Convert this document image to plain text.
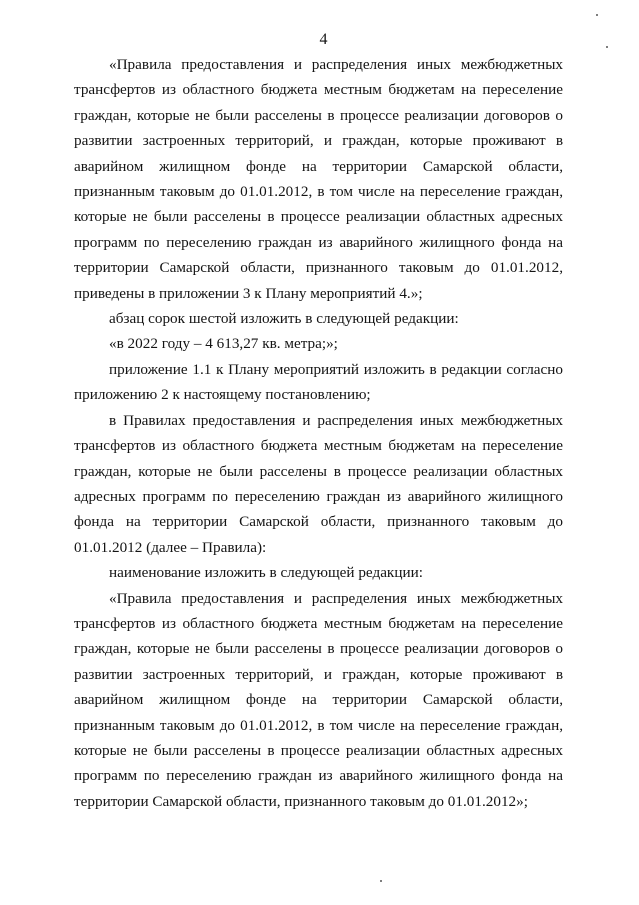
4

«Правила предоставления и распределения иных межбюджетных трансфертов из областного бюджета местным бюджетам на переселение граждан, которые не были расселены в процессе реализации договоров о развитии застроенных территорий, и граждан, которые проживают в аварийном жилищном фонде на территории Самарской области, признанным таковым до 01.01.2012, в том числе на переселение граждан, которые не были расселены в процессе реализации областных адресных программ по переселению граждан из аварийного жилищного фонда на территории Самарской области, признанного таковым до 01.01.2012, приведены в приложении 3 к Плану мероприятий 4.»;

абзац сорок шестой изложить в следующей редакции:

«в 2022 году – 4 613,27 кв. метра;»;

приложение 1.1 к Плану мероприятий изложить в редакции согласно приложению 2 к настоящему постановлению;

в Правилах предоставления и распределения иных межбюджетных трансфертов из областного бюджета местным бюджетам на переселение граждан, которые не были расселены в процессе реализации областных адресных программ по переселению граждан из аварийного жилищного фонда на территории Самарской области, признанного таковым до 01.01.2012 (далее – Правила):

наименование изложить в следующей редакции:

«Правила предоставления и распределения иных межбюджетных трансфертов из областного бюджета местным бюджетам на переселение граждан, которые не были расселены в процессе реализации договоров о развитии застроенных территорий, и граждан, которые проживают в аварийном жилищном фонде на территории Самарской области, признанным таковым до 01.01.2012, в том числе на переселение граждан, которые не были расселены в процессе реализации областных адресных программ по переселению граждан из аварийного жилищного фонда на территории Самарской области, признанного таковым до 01.01.2012»;
